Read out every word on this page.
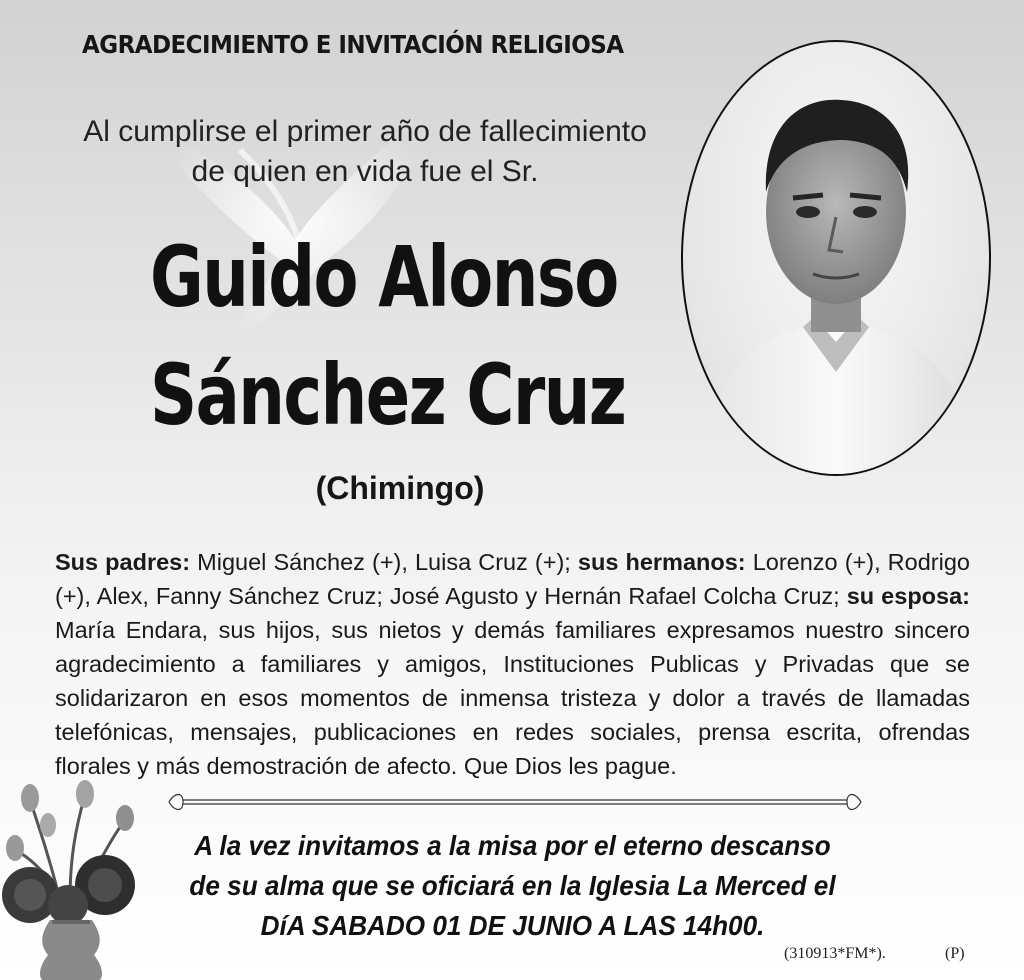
AGRADECIMIENTO E INVITACIÓN RELIGIOSA
Al cumplirse el primer año de fallecimiento
de quien en vida fue el Sr.
Guido Alonso
Sánchez Cruz
(Chimingo)
Sus padres: Miguel Sánchez (+), Luisa Cruz (+); sus hermanos: Lorenzo (+), Rodrigo (+), Alex, Fanny Sánchez Cruz; José Agusto y Hernán Rafael Colcha Cruz; su esposa: María Endara, sus hijos, sus nietos y demás familiares expresamos nuestro sincero agradecimiento a familiares y amigos, Instituciones Publicas y Privadas que se solidarizaron en esos momentos de inmensa tristeza y dolor a través de llamadas telefónicas, mensajes, publicaciones en redes sociales, prensa escrita, ofrendas florales y más demostración de afecto. Que Dios les pague.
A la vez invitamos a la misa por el eterno descanso
de su alma que se oficiará en la Iglesia La Merced el
DíA SABADO 01 DE JUNIO A LAS 14h00.
(310913*FM*).	(P)
